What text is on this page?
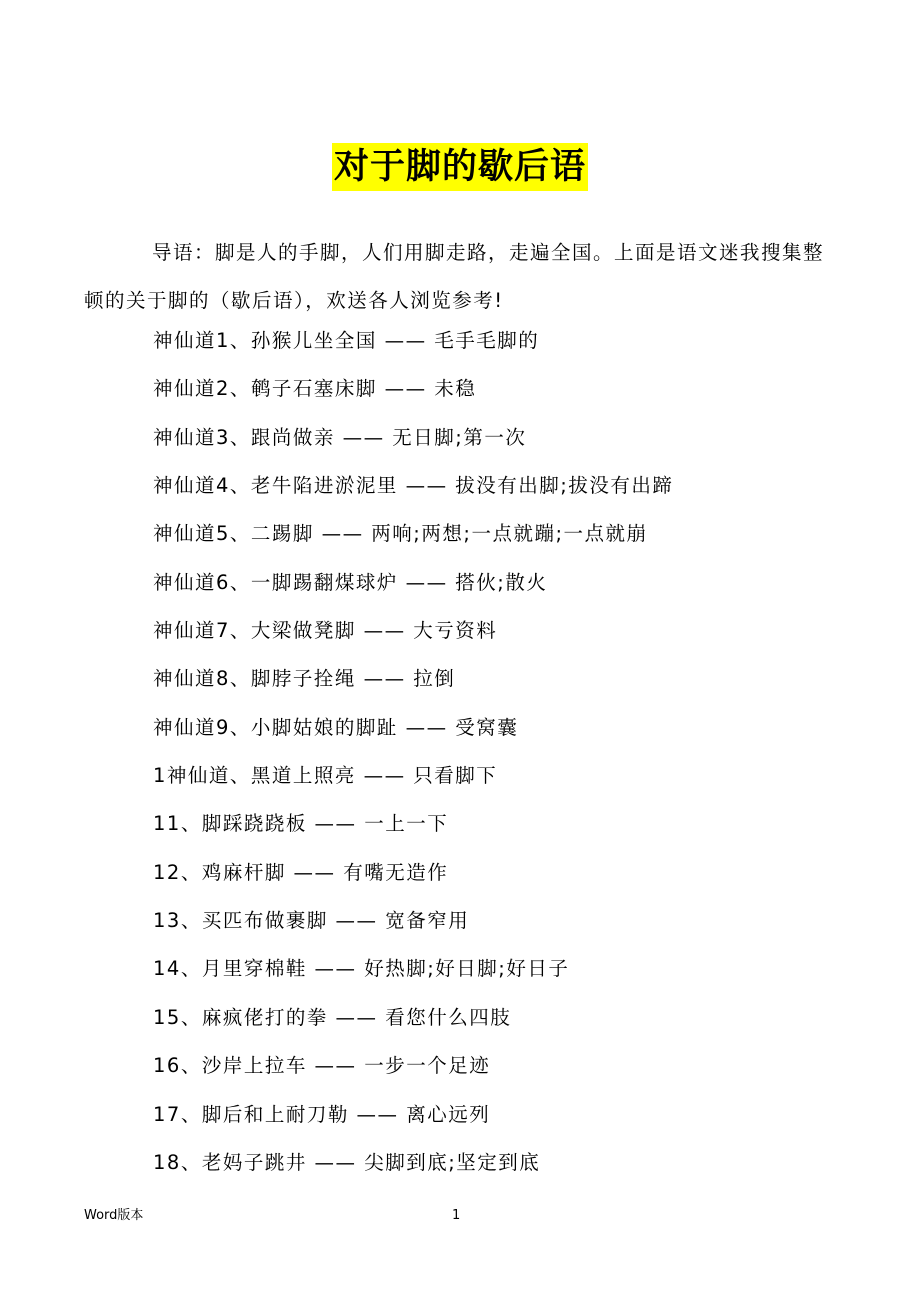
对于脚的歇后语

导语：脚是人的手脚，人们用脚走路，走遍全国。上面是语文迷我搜集整顿的关于脚的（歇后语），欢送各人浏览参考!

神仙道1、孙猴儿坐全国 —— 毛手毛脚的
神仙道2、鹌子石塞床脚 —— 未稳
神仙道3、跟尚做亲 —— 无日脚;第一次
神仙道4、老牛陷进淤泥里 —— 拔没有出脚;拔没有出蹄
神仙道5、二踢脚 —— 两响;两想;一点就蹦;一点就崩
神仙道6、一脚踢翻煤球炉 —— 搭伙;散火
神仙道7、大梁做凳脚 —— 大亏资料
神仙道8、脚脖子拴绳 —— 拉倒
神仙道9、小脚姑娘的脚趾 —— 受窝囊
1神仙道、黑道上照亮 —— 只看脚下
11、脚踩跷跷板 —— 一上一下
12、鸡麻杆脚 —— 有嘴无造作
13、买匹布做裹脚 —— 宽备窄用
14、月里穿棉鞋 —— 好热脚;好日脚;好日子
15、麻疯佬打的拳 —— 看您什么四肢
16、沙岸上拉车 —— 一步一个足迹
17、脚后和上耐刀勒 —— 离心远列
18、老妈子跳井 —— 尖脚到底;坚定到底
Word版本	1
